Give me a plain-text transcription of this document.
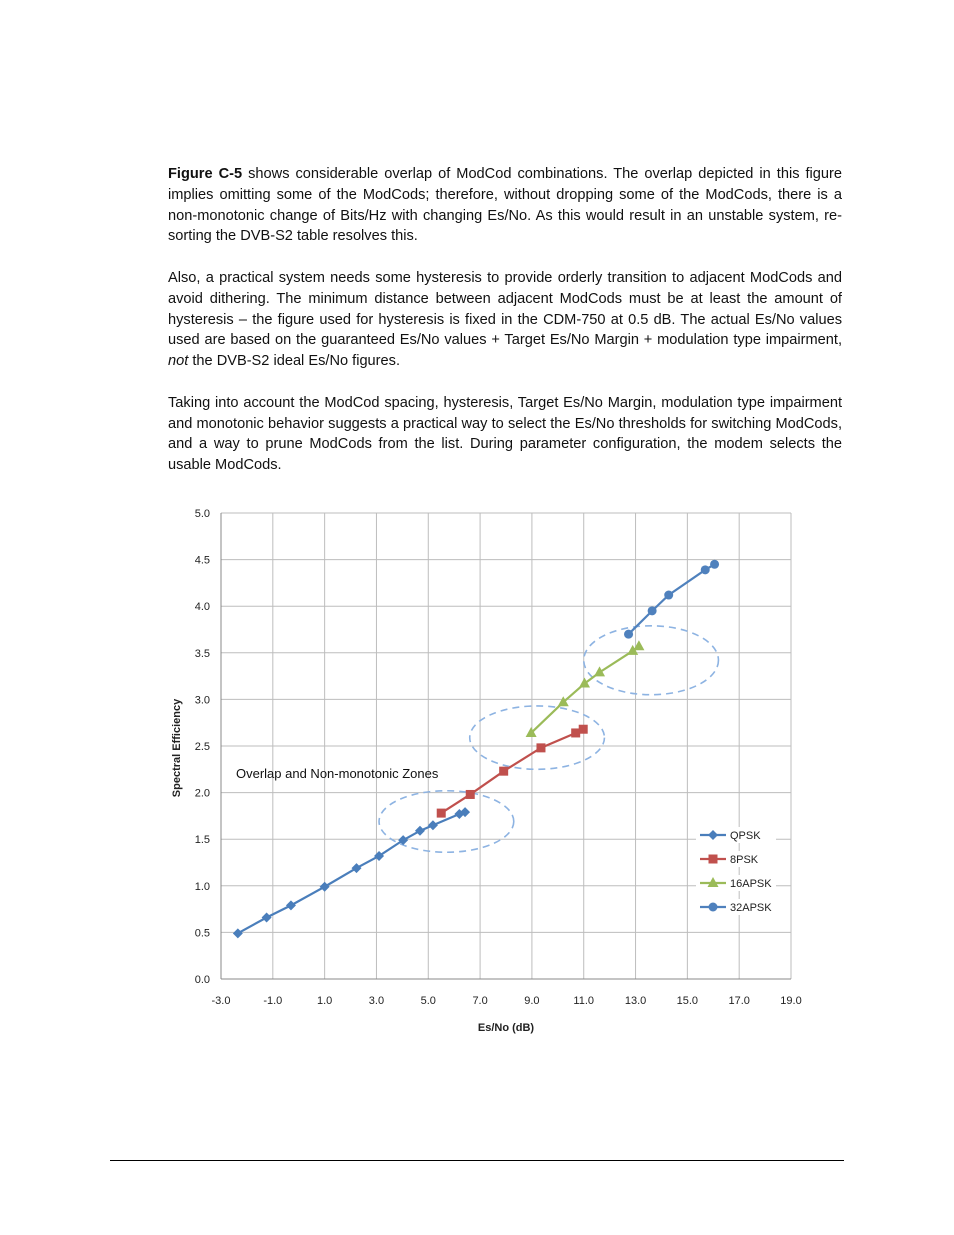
Figure C-5 shows considerable overlap of ModCod combinations. The overlap depicted in this figure implies omitting some of the ModCods; therefore, without dropping some of the ModCods, there is a non-monotonic change of Bits/Hz with changing Es/No. As this would result in an unstable system, re-sorting the DVB-S2 table resolves this.

Also, a practical system needs some hysteresis to provide orderly transition to adjacent ModCods and avoid dithering. The minimum distance between adjacent ModCods must be at least the amount of hysteresis – the figure used for hysteresis is fixed in the CDM-750 at 0.5 dB. The actual Es/No values used are based on the guaranteed Es/No values + Target Es/No Margin + modulation type impairment, not the DVB-S2 ideal Es/No figures.

Taking into account the ModCod spacing, hysteresis, Target Es/No Margin, modulation type impairment and monotonic behavior suggests a practical way to select the Es/No thresholds for switching ModCods, and a way to prune ModCods from the list. During parameter configuration, the modem selects the usable ModCods.

-3.0	-1.0	1.0	3.0	5.0	7.0	9.0	11.0	13.0	15.0	17.0	19.0
0.0
0.5
1.0
1.5
2.0
2.5
3.0
3.5
4.0
4.5
5.0
Es/No (dB)
Spectral Efficiency	Overlap and Non-monotonic Zones
QPSK
8PSK
16APSK
32APSK
